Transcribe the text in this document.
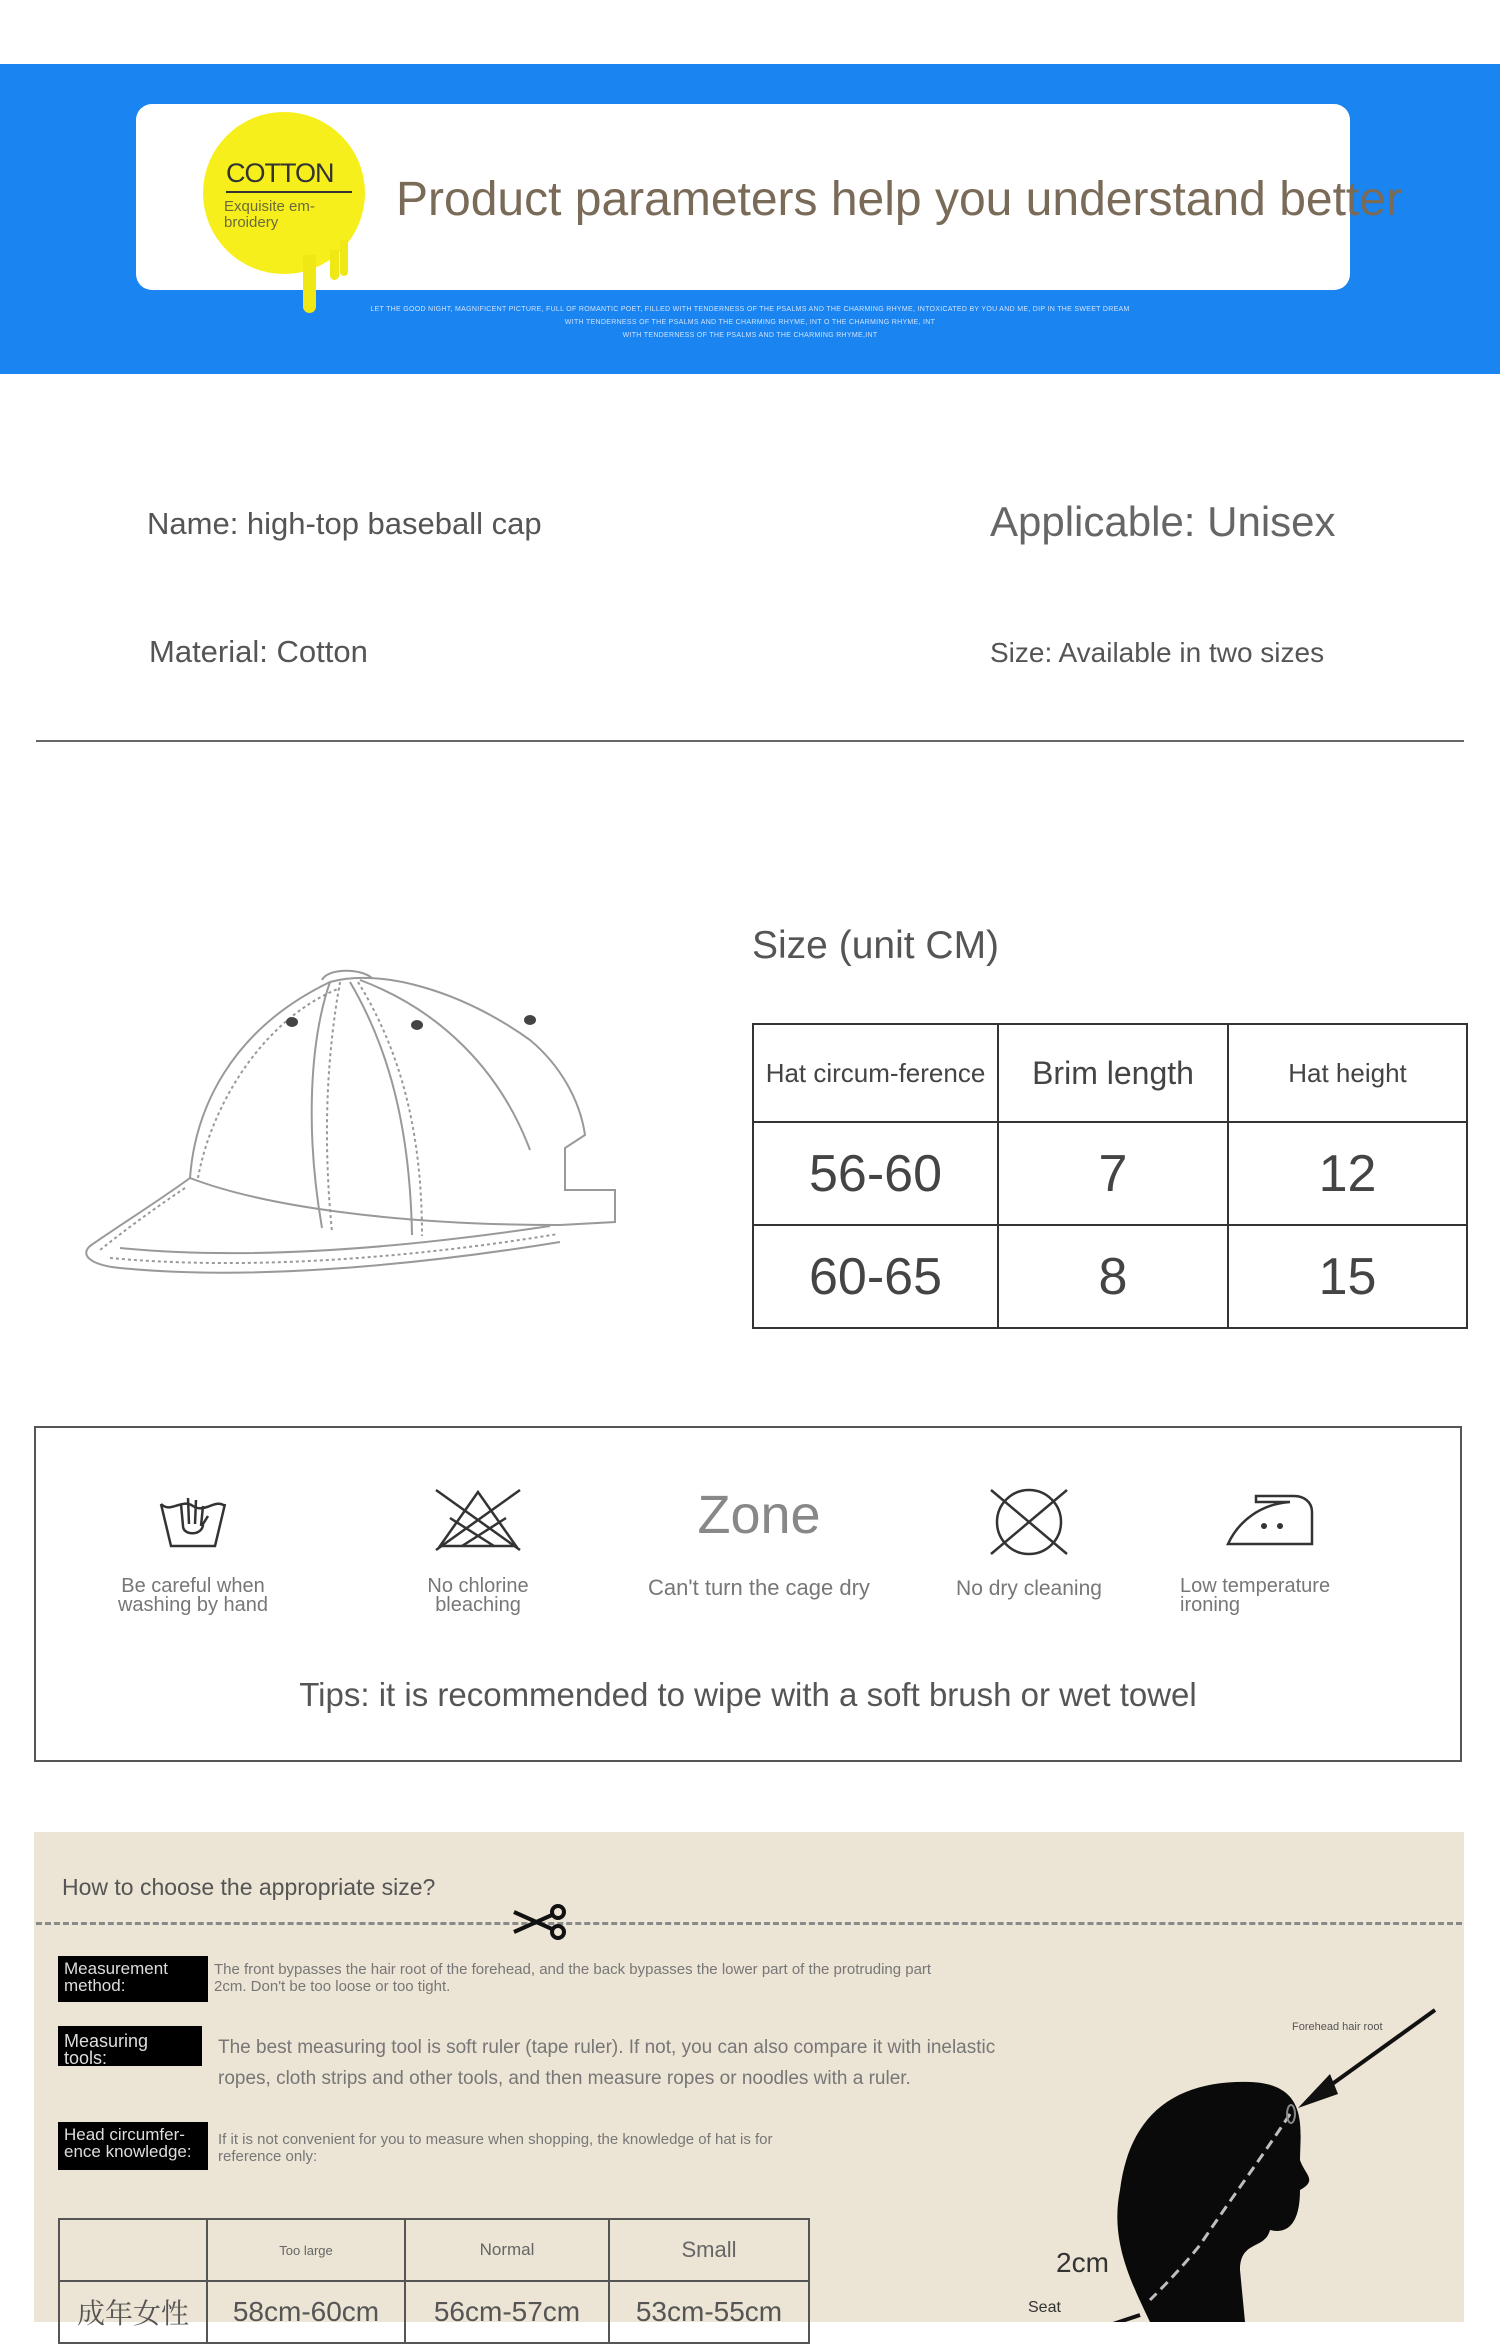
COTTON
Exquisite em-broidery	Product parameters help you understand better
LET THE GOOD NIGHT, MAGNIFICENT PICTURE, FULL OF ROMANTIC POET, FILLED WITH TENDERNESS OF THE PSALMS AND THE CHARMING RHYME, INTOXICATED BY YOU AND ME, DIP IN THE SWEET DREAM
WITH TENDERNESS OF THE PSALMS AND THE CHARMING RHYME, INT O THE CHARMING RHYME, INT
WITH TENDERNESS OF THE PSALMS AND THE CHARMING RHYME,INT
Name: high-top baseball cap	Applicable: Unisex
Material: Cotton	Size: Available in two sizes
Size (unit CM)
Hat circum-ference	Brim length	Hat height
56-60	7	12
60-65	8	15
Be careful when washing by hand
No chlorine bleaching
Zone
Can't turn the cage dry	No dry cleaning	Low temperature ironing
Tips: it is recommended to wipe with a soft brush or wet towel
How to choose the appropriate size?
Measurement method:
The front bypasses the hair root of the forehead, and the back bypasses the lower part of the protruding part 2cm. Don't be too loose or too tight.
Measuring tools:	The best measuring tool is soft ruler (tape ruler). If not, you can also compare it with inelastic ropes, cloth strips and other tools, and then measure ropes or noodles with a ruler.
Head circumfer-ence knowledge:
If it is not convenient for you to measure when shopping, the knowledge of hat is for reference only:
	Too large	Normal	Small
成年女性	58cm-60cm	56cm-57cm	53cm-55cm
Forehead hair root
2cm
Seat
